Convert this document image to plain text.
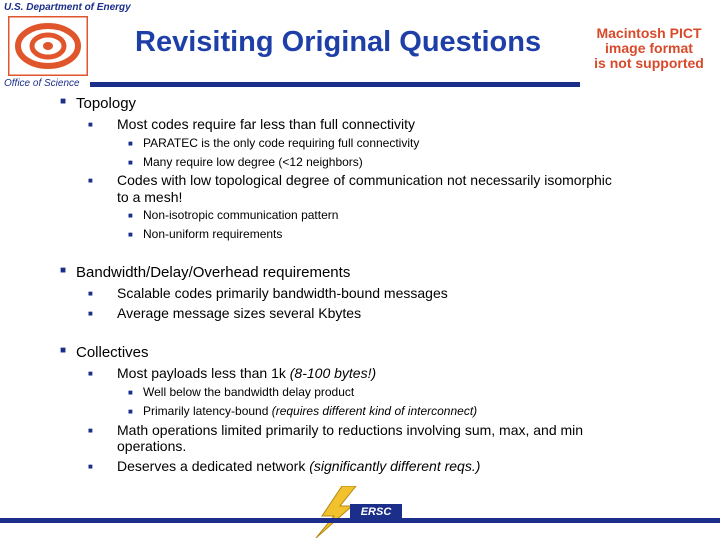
U.S. Department of Energy
Office of Science
Revisiting Original Questions	Macintosh PICT
image format
is not supported
■ Topology
■ Most codes require far less than full connectivity
■ PARATEC is the only code requiring full connectivity
■ Many require low degree (<12 neighbors)
■ Codes with low topological degree of communication not necessarily isomorphic
to a mesh!
■ Non-isotropic communication pattern
■ Non-uniform requirements
■ Bandwidth/Delay/Overhead requirements
■ Scalable codes primarily bandwidth-bound messages
■ Average message sizes several Kbytes
■ Collectives
■ Most payloads less than 1k (8-100 bytes!)
■ Well below the bandwidth delay product
■ Primarily latency-bound (requires different kind of interconnect)
■ Math operations limited primarily to reductions involving sum, max, and min
operations.
■ Deserves a dedicated network (significantly different reqs.)
ERSC
